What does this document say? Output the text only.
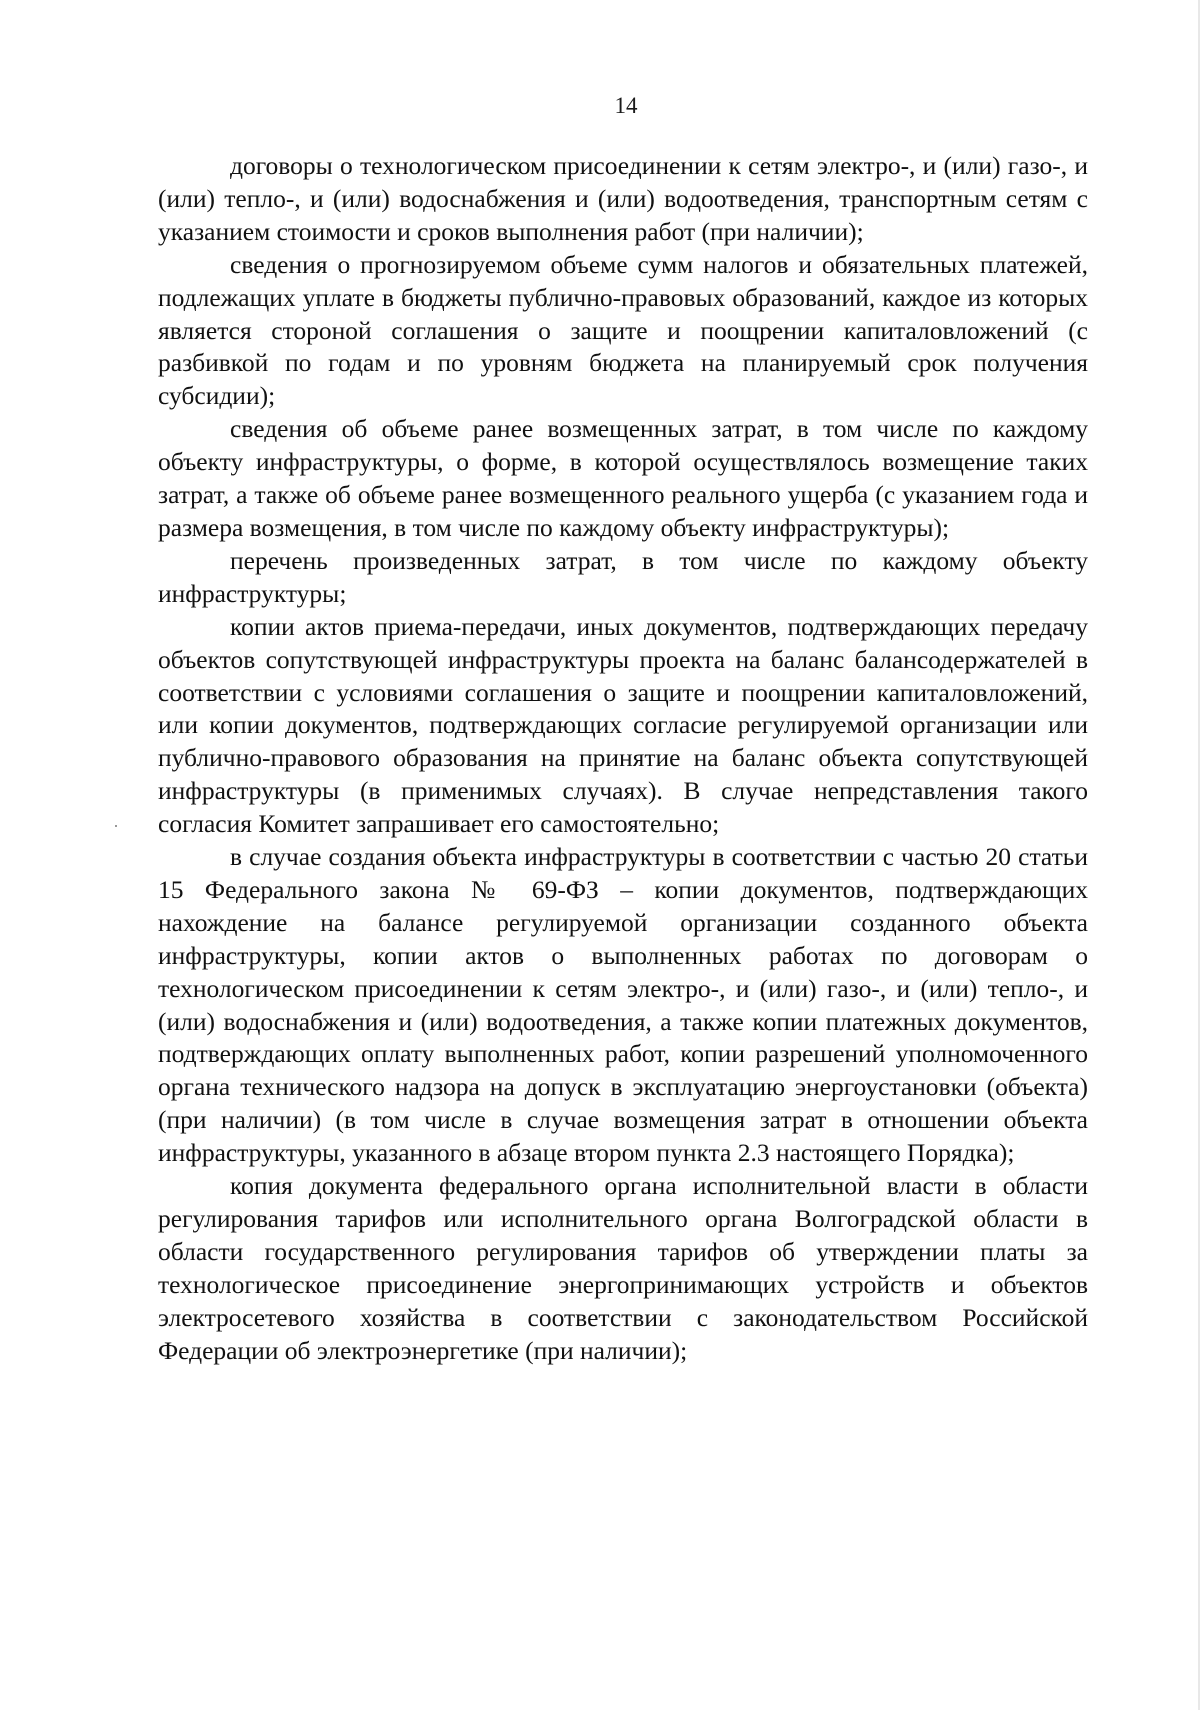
14

договоры о технологическом присоединении к сетям электро-, и (или) газо-, и (или) тепло-, и (или) водоснабжения и (или) водоотведения, транспортным сетям с указанием стоимости и сроков выполнения работ (при наличии);

сведения о прогнозируемом объеме сумм налогов и обязательных платежей, подлежащих уплате в бюджеты публично-правовых образований, каждое из которых является стороной соглашения о защите и поощрении капиталовложений (с разбивкой по годам и по уровням бюджета на планируемый срок получения субсидии);

сведения об объеме ранее возмещенных затрат, в том числе по каждому объекту инфраструктуры, о форме, в которой осуществлялось возмещение таких затрат, а также об объеме ранее возмещенного реального ущерба (с указанием года и размера возмещения, в том числе по каждому объекту инфраструктуры);

перечень произведенных затрат, в том числе по каждому объекту инфраструктуры;

копии актов приема-передачи, иных документов, подтверждающих передачу объектов сопутствующей инфраструктуры проекта на баланс балансодержателей в соответствии с условиями соглашения о защите и поощрении капиталовложений, или копии документов, подтверждающих согласие регулируемой организации или публично-правового образования на принятие на баланс объекта сопутствующей инфраструктуры (в применимых случаях). В случае непредставления такого согласия Комитет запрашивает его самостоятельно;

в случае создания объекта инфраструктуры в соответствии с частью 20 статьи 15 Федерального закона № 69-ФЗ – копии документов, подтверждающих нахождение на балансе регулируемой организации созданного объекта инфраструктуры, копии актов о выполненных работах по договорам о технологическом присоединении к сетям электро-, и (или) газо-, и (или) тепло-, и (или) водоснабжения и (или) водоотведения, а также копии платежных документов, подтверждающих оплату выполненных работ, копии разрешений уполномоченного органа технического надзора на допуск в эксплуатацию энергоустановки (объекта) (при наличии) (в том числе в случае возмещения затрат в отношении объекта инфраструктуры, указанного в абзаце втором пункта 2.3 настоящего Порядка);

копия документа федерального органа исполнительной власти в области регулирования тарифов или исполнительного органа Волгоградской области в области государственного регулирования тарифов об утверждении платы за технологическое присоединение энергопринимающих устройств и объектов электросетевого хозяйства в соответствии с законодательством Российской Федерации об электроэнергетике (при наличии);
